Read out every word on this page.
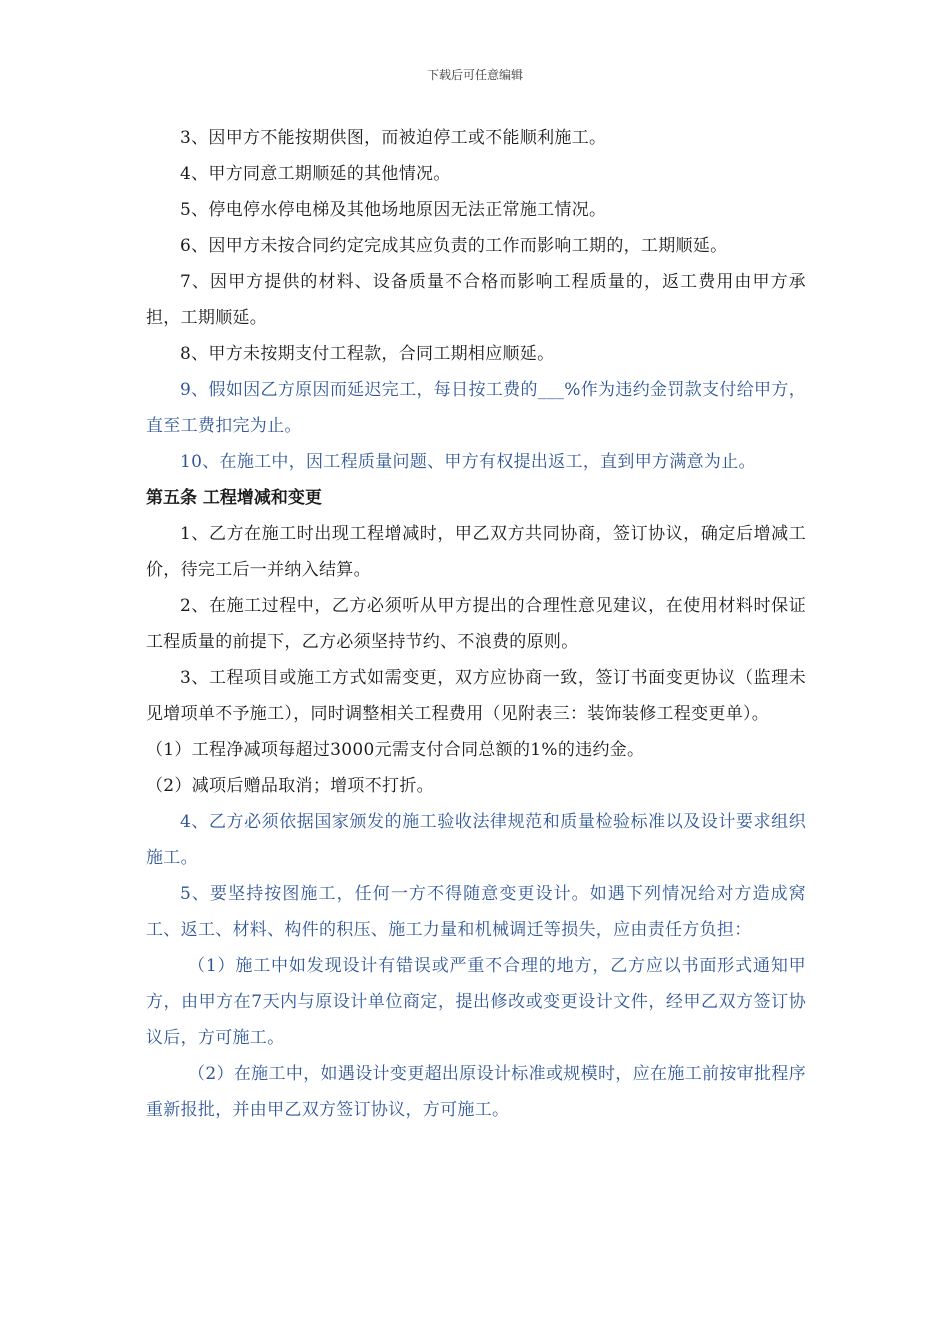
下载后可任意编辑

3、因甲方不能按期供图，而被迫停工或不能顺利施工。

4、甲方同意工期顺延的其他情况。

5、停电停水停电梯及其他场地原因无法正常施工情况。

6、因甲方未按合同约定完成其应负责的工作而影响工期的，工期顺延。

7、因甲方提供的材料、设备质量不合格而影响工程质量的，返工费用由甲方承担，工期顺延。

8、甲方未按期支付工程款，合同工期相应顺延。

9、假如因乙方原因而延迟完工，每日按工费的___%作为违约金罚款支付给甲方，直至工费扣完为止。

10、在施工中，因工程质量问题、甲方有权提出返工，直到甲方满意为止。

第五条 工程增减和变更

1、乙方在施工时出现工程增减时，甲乙双方共同协商，签订协议，确定后增减工价，待完工后一并纳入结算。

2、在施工过程中，乙方必须听从甲方提出的合理性意见建议，在使用材料时保证工程质量的前提下，乙方必须坚持节约、不浪费的原则。

3、工程项目或施工方式如需变更，双方应协商一致，签订书面变更协议（监理未见增项单不予施工），同时调整相关工程费用（见附表三：装饰装修工程变更单）。

（1）工程净减项每超过3000元需支付合同总额的1%的违约金。

（2）减项后赠品取消；增项不打折。

4、乙方必须依据国家颁发的施工验收法律规范和质量检验标准以及设计要求组织施工。

5、要坚持按图施工，任何一方不得随意变更设计。如遇下列情况给对方造成窝工、返工、材料、构件的积压、施工力量和机械调迁等损失，应由责任方负担：

（1）施工中如发现设计有错误或严重不合理的地方，乙方应以书面形式通知甲方，由甲方在7天内与原设计单位商定，提出修改或变更设计文件，经甲乙双方签订协议后，方可施工。

（2）在施工中，如遇设计变更超出原设计标准或规模时，应在施工前按审批程序重新报批，并由甲乙双方签订协议，方可施工。
